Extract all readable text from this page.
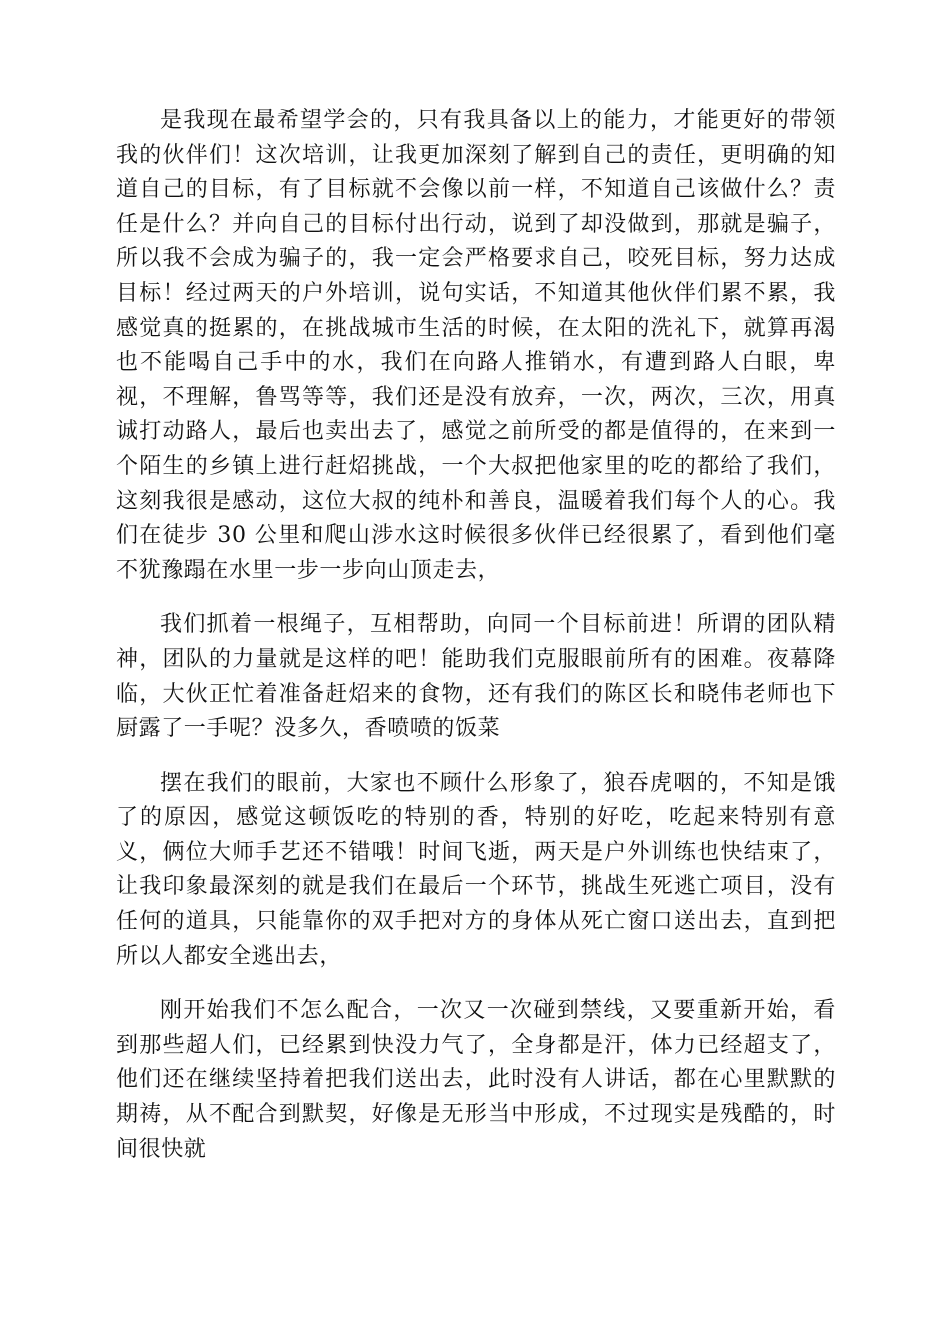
是我现在最希望学会的，只有我具备以上的能力，才能更好的带领我的伙伴们！这次培训，让我更加深刻了解到自己的责任，更明确的知道自己的目标，有了目标就不会像以前一样，不知道自己该做什么？责任是什么？并向自己的目标付出行动，说到了却没做到，那就是骗子，所以我不会成为骗子的，我一定会严格要求自己，咬死目标，努力达成目标！经过两天的户外培训，说句实话，不知道其他伙伴们累不累，我感觉真的挺累的，在挑战城市生活的时候，在太阳的洗礼下，就算再渴也不能喝自己手中的水，我们在向路人推销水，有遭到路人白眼，卑视，不理解，鲁骂等等，我们还是没有放弃，一次，两次，三次，用真诚打动路人，最后也卖出去了，感觉之前所受的都是值得的，在来到一个陌生的乡镇上进行赶炤挑战，一个大叔把他家里的吃的都给了我们，这刻我很是感动，这位大叔的纯朴和善良，温暖着我们每个人的心。我们在徒步 30 公里和爬山涉水这时候很多伙伴已经很累了，看到他们毫不犹豫蹋在水里一步一步向山顶走去，

我们抓着一根绳子，互相帮助，向同一个目标前进！所谓的团队精神，团队的力量就是这样的吧！能助我们克服眼前所有的困难。夜幕降临，大伙正忙着准备赶炤来的食物，还有我们的陈区长和晓伟老师也下厨露了一手呢？没多久，香喷喷的饭菜

摆在我们的眼前，大家也不顾什么形象了，狼吞虎咽的，不知是饿了的原因，感觉这顿饭吃的特别的香，特别的好吃，吃起来特别有意义，俩位大师手艺还不错哦！时间飞逝，两天是户外训练也快结束了，让我印象最深刻的就是我们在最后一个环节，挑战生死逃亡项目，没有任何的道具，只能靠你的双手把对方的身体从死亡窗口送出去，直到把所以人都安全逃出去，

刚开始我们不怎么配合，一次又一次碰到禁线，又要重新开始，看到那些超人们，已经累到快没力气了，全身都是汗，体力已经超支了，他们还在继续坚持着把我们送出去，此时没有人讲话，都在心里默默的期祷，从不配合到默契，好像是无形当中形成，不过现实是残酷的，时间很快就
